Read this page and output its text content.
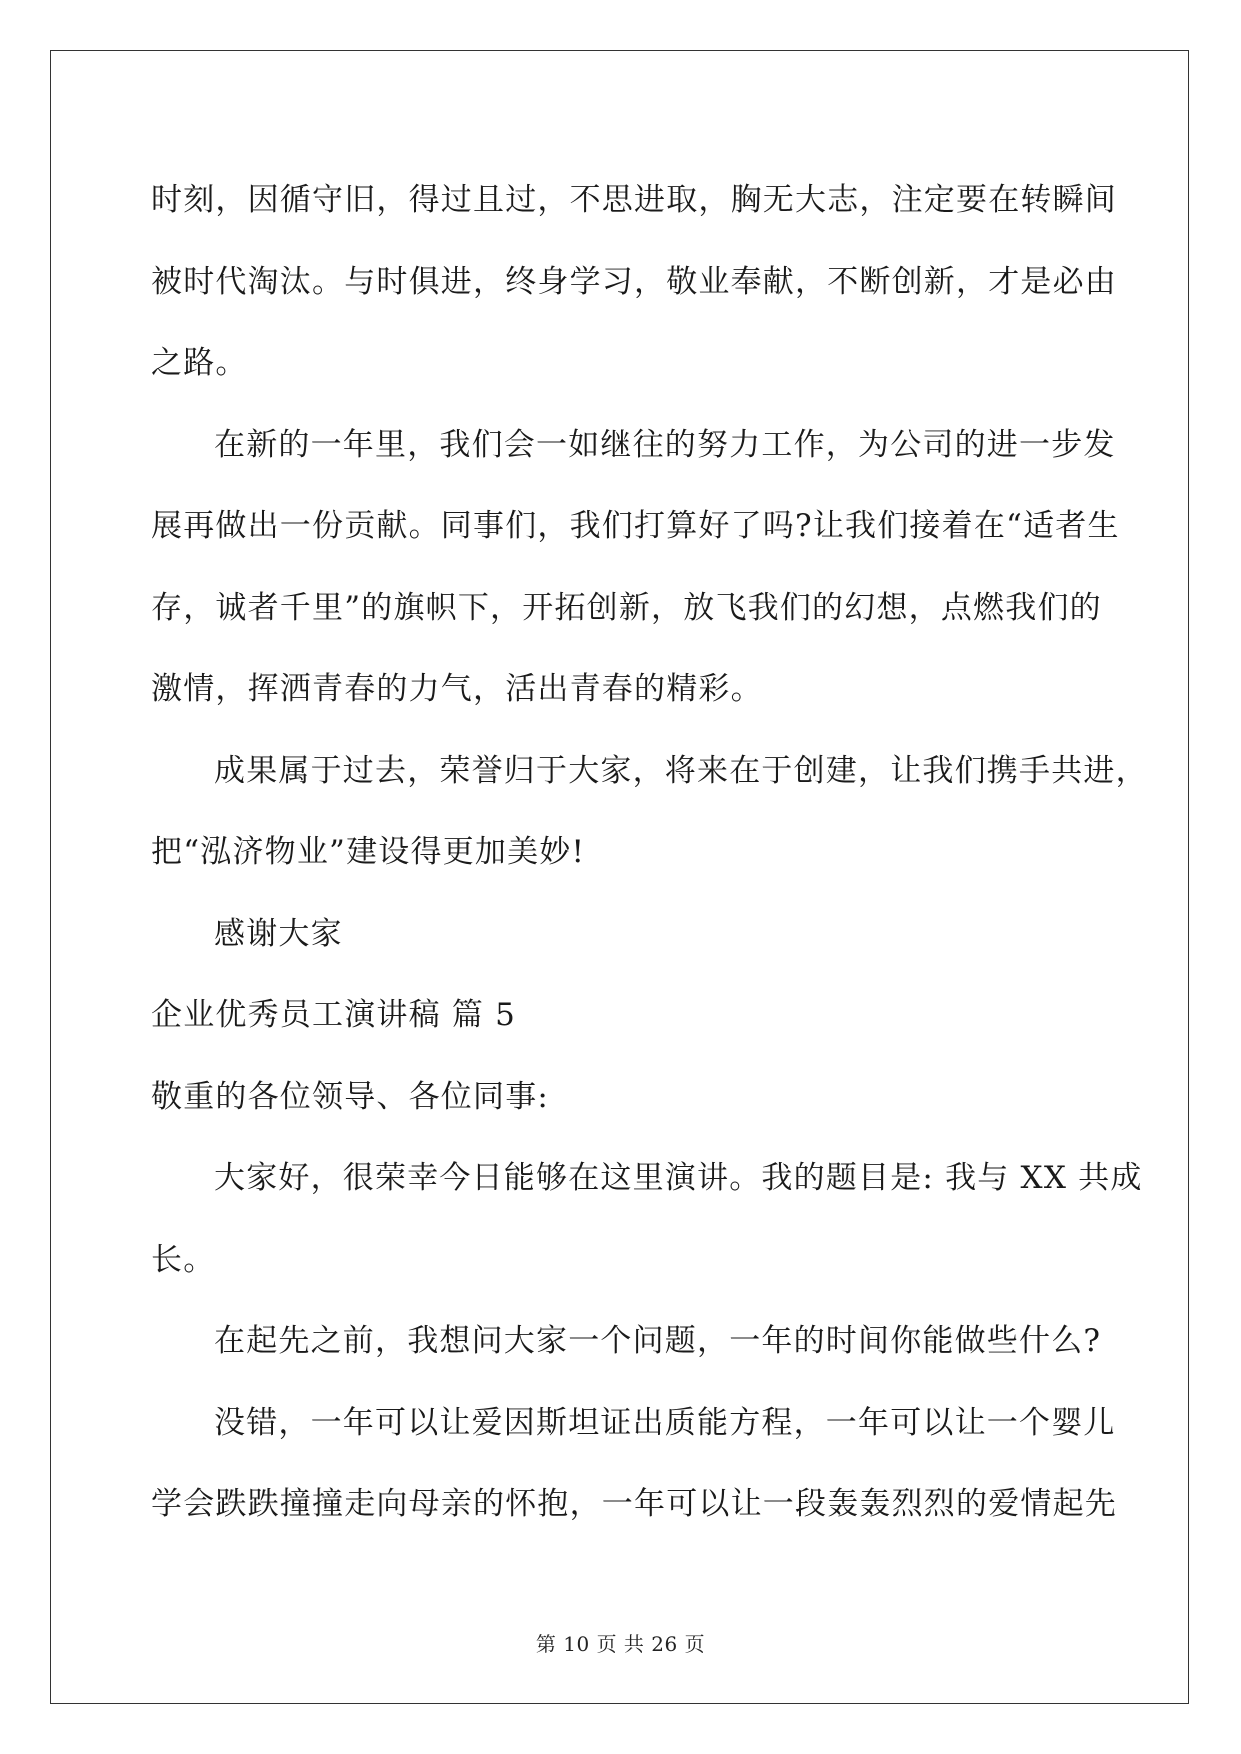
时刻，因循守旧，得过且过，不思进取，胸无大志，注定要在转瞬间
被时代淘汰。与时俱进，终身学习，敬业奉献，不断创新，才是必由
之路。
在新的一年里，我们会一如继往的努力工作，为公司的进一步发
展再做出一份贡献。同事们，我们打算好了吗?让我们接着在“适者生
存，诚者千里”的旗帜下，开拓创新，放飞我们的幻想，点燃我们的
激情，挥洒青春的力气，活出青春的精彩。
成果属于过去，荣誉归于大家，将来在于创建，让我们携手共进，
把“泓济物业”建设得更加美妙!
感谢大家
企业优秀员工演讲稿 篇 5
敬重的各位领导、各位同事:
大家好，很荣幸今日能够在这里演讲。我的题目是: 我与 XX 共成
长。
在起先之前，我想问大家一个问题，一年的时间你能做些什么?
没错，一年可以让爱因斯坦证出质能方程，一年可以让一个婴儿
学会跌跌撞撞走向母亲的怀抱，一年可以让一段轰轰烈烈的爱情起先
第 10 页 共 26 页
